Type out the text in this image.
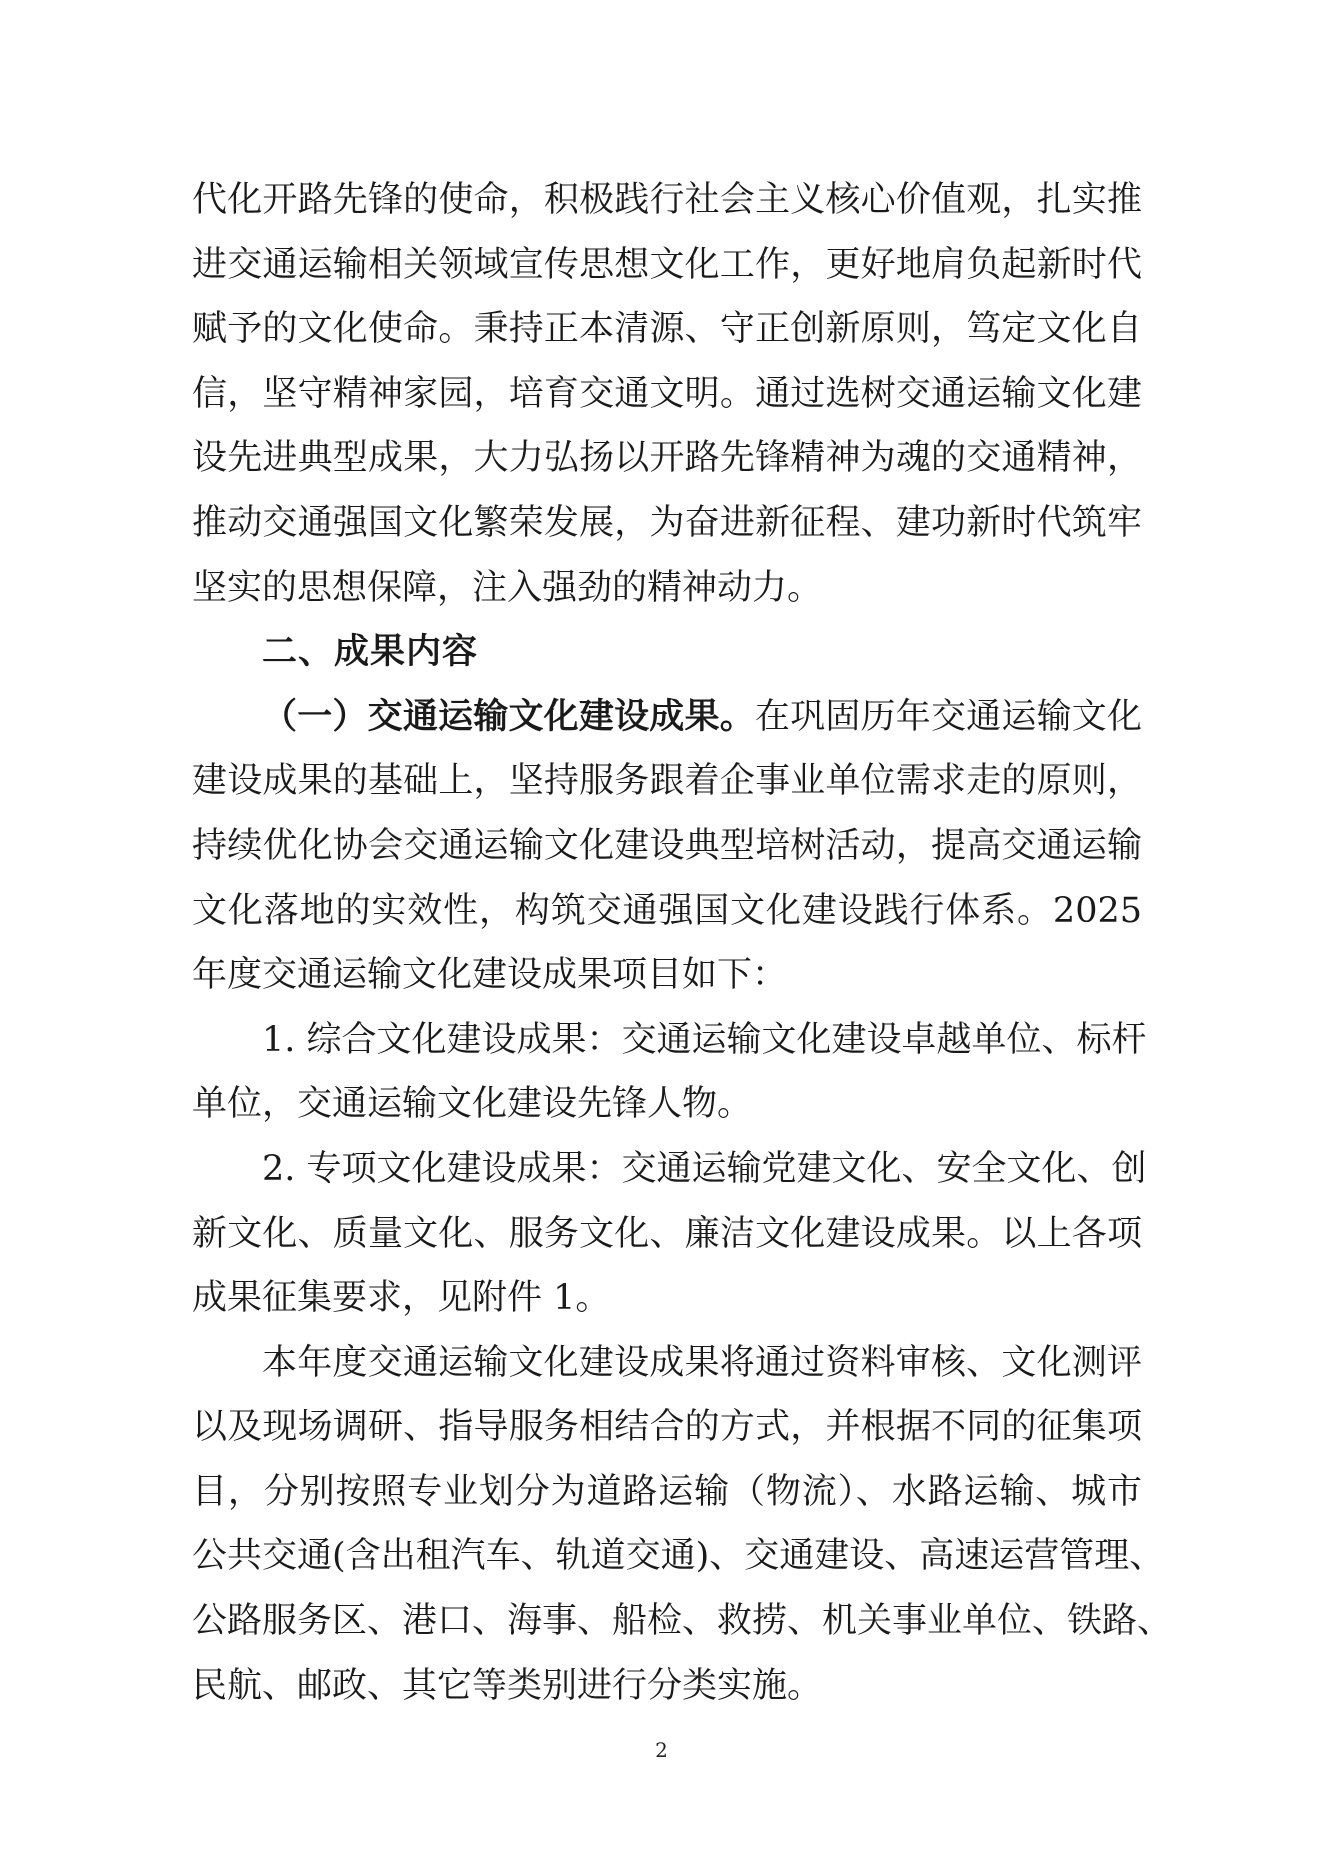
代化开路先锋的使命，积极践行社会主义核心价值观，扎实推
进交通运输相关领域宣传思想文化工作，更好地肩负起新时代
赋予的文化使命。秉持正本清源、守正创新原则，笃定文化自
信，坚守精神家园，培育交通文明。通过选树交通运输文化建
设先进典型成果，大力弘扬以开路先锋精神为魂的交通精神，
推动交通强国文化繁荣发展，为奋进新征程、建功新时代筑牢
坚实的思想保障，注入强劲的精神动力。
二、成果内容
（一）交通运输文化建设成果。在巩固历年交通运输文化
建设成果的基础上，坚持服务跟着企事业单位需求走的原则，
持续优化协会交通运输文化建设典型培树活动，提高交通运输
文化落地的实效性，构筑交通强国文化建设践行体系。2025
年度交通运输文化建设成果项目如下：
1. 综合文化建设成果：交通运输文化建设卓越单位、标杆
单位，交通运输文化建设先锋人物。
2. 专项文化建设成果：交通运输党建文化、安全文化、创
新文化、质量文化、服务文化、廉洁文化建设成果。以上各项
成果征集要求，见附件 1。
本年度交通运输文化建设成果将通过资料审核、文化测评
以及现场调研、指导服务相结合的方式，并根据不同的征集项
目，分别按照专业划分为道路运输（物流）、水路运输、城市
公共交通(含出租汽车、轨道交通)、交通建设、高速运营管理、
公路服务区、港口、海事、船检、救捞、机关事业单位、铁路、
民航、邮政、其它等类别进行分类实施。
2
